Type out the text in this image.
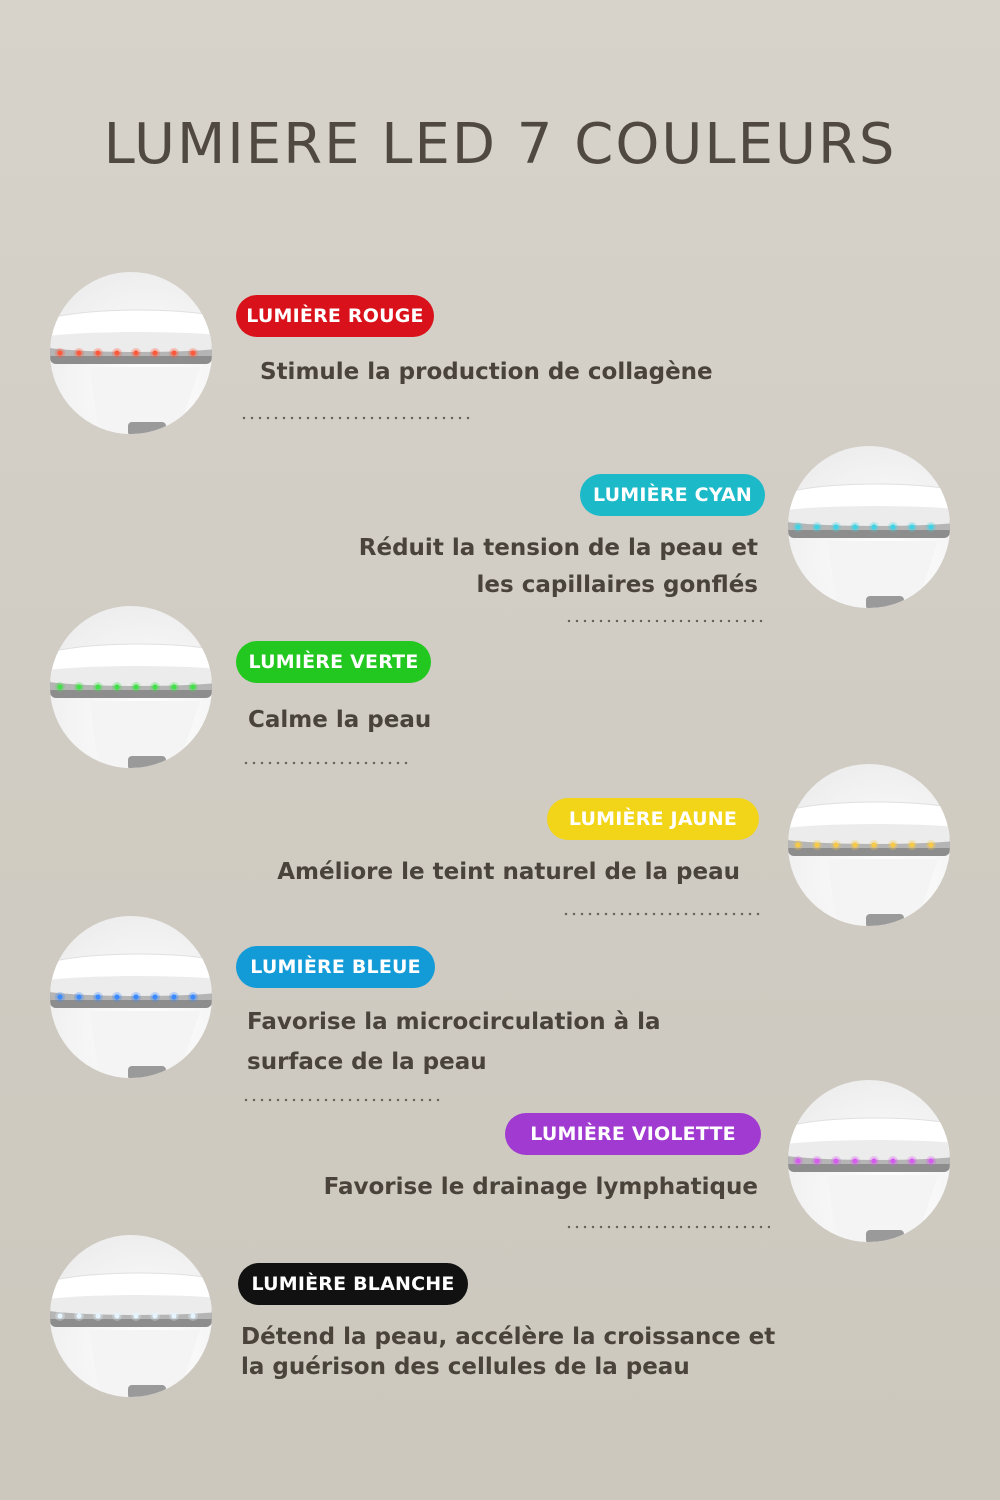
LUMIERE LED 7 COULEURS
LUMIÈRE ROUGE
Stimule la production de collagène
LUMIÈRE CYAN
Réduit la tension de la peau et les capillaires gonflés
LUMIÈRE VERTE
Calme la peau
LUMIÈRE JAUNE
Améliore le teint naturel de la peau
LUMIÈRE BLEUE
Favorise la microcirculation à la surface de la peau
LUMIÈRE VIOLETTE
Favorise le drainage lymphatique
LUMIÈRE BLANCHE
Détend la peau, accélère la croissance et la guérison des cellules de la peau
